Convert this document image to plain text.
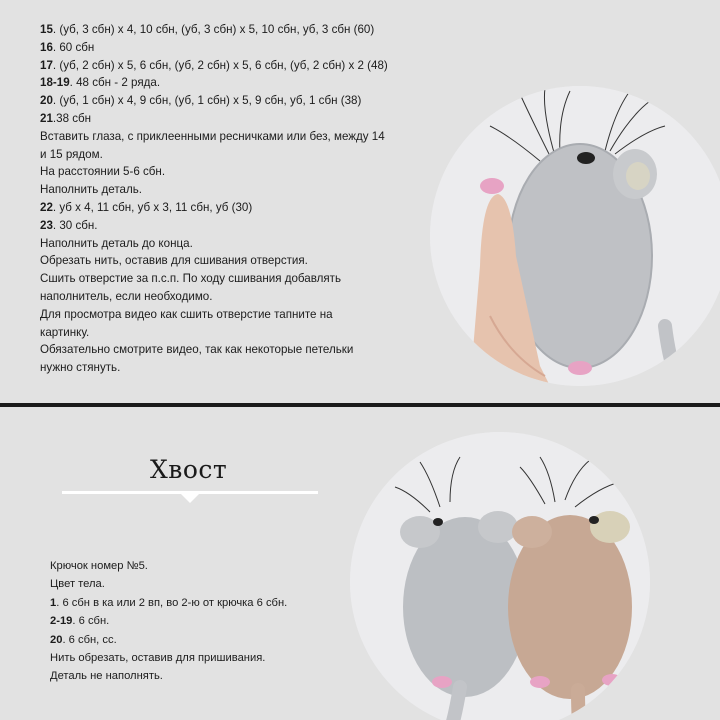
15. (уб, 3 сбн) х 4, 10 сбн, (уб, 3 сбн) х 5, 10 сбн, уб, 3 сбн (60)
16. 60 сбн
17. (уб, 2 сбн) х 5, 6 сбн, (уб, 2 сбн) х 5, 6 сбн, (уб, 2 сбн) х 2 (48)
18-19. 48 сбн - 2 ряда.
20. (уб, 1 сбн) х 4, 9 сбн, (уб, 1 сбн) х 5, 9 сбн, уб, 1 сбн (38)
21.38 сбн
Вставить глаза, с приклеенными ресничками или без, между 14
и 15 рядом.
На расстоянии 5-6 сбн.
Наполнить деталь.
22. уб х 4, 11 сбн, уб х 3, 11 сбн, уб (30)
23. 30 сбн.
Наполнить деталь до конца.
Обрезать нить, оставив для сшивания отверстия.
Сшить отверстие за п.с.п. По ходу сшивания добавлять
наполнитель, если необходимо.
Для просмотра видео как сшить отверстие тапните на
картинку.
Обязательно смотрите видео, так как некоторые петельки
нужно стянуть.
Хвост
Крючок номер №5.
Цвет тела.
1. 6 сбн в ка или 2 вп, во 2-ю от крючка 6 сбн.
2-19. 6 сбн.
20. 6 сбн, сс.
Нить обрезать, оставив для пришивания.
Деталь не наполнять.
